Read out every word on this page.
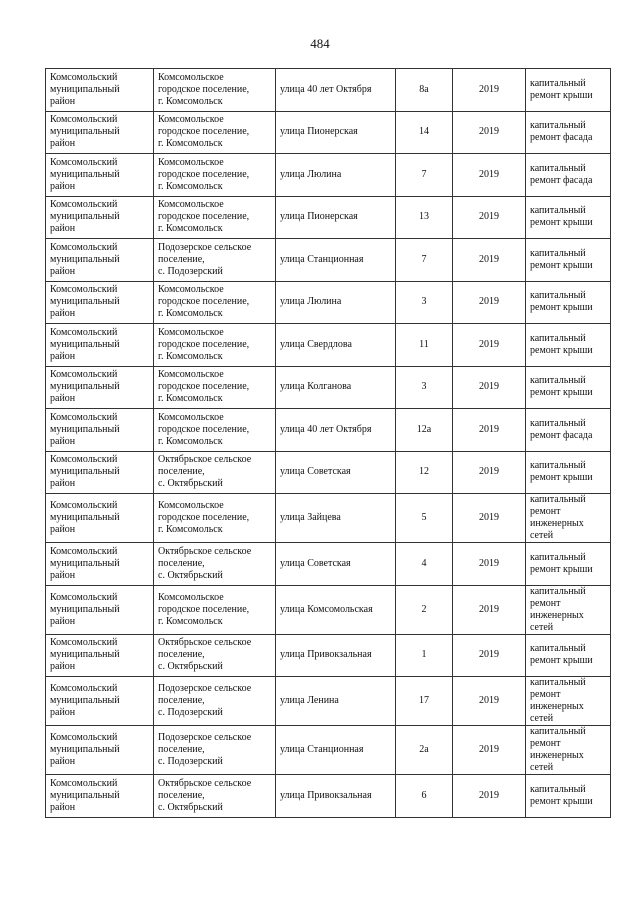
484
Комсомольский
муниципальный
район	Комсомольское
городское поселение,
г. Комсомольск	улица 40 лет Октября	8а	2019	капитальный
ремонт крыши

Комсомольский
муниципальный
район	Комсомольское
городское поселение,
г. Комсомольск	улица Пионерская	14	2019	капитальный
ремонт фасада

Комсомольский
муниципальный
район	Комсомольское
городское поселение,
г. Комсомольск	улица Люлина	7	2019	капитальный
ремонт фасада

Комсомольский
муниципальный
район	Комсомольское
городское поселение,
г. Комсомольск	улица Пионерская	13	2019	капитальный
ремонт крыши

Комсомольский
муниципальный
район	Подозерское сельское
поселение,
с. Подозерский	улица Станционная	7	2019	капитальный
ремонт крыши

Комсомольский
муниципальный
район	Комсомольское
городское поселение,
г. Комсомольск	улица Люлина	3	2019	капитальный
ремонт крыши

Комсомольский
муниципальный
район	Комсомольское
городское поселение,
г. Комсомольск	улица Свердлова	11	2019	капитальный
ремонт крыши

Комсомольский
муниципальный
район	Комсомольское
городское поселение,
г. Комсомольск	улица Колганова	3	2019	капитальный
ремонт крыши

Комсомольский
муниципальный
район	Комсомольское
городское поселение,
г. Комсомольск	улица 40 лет Октября	12а	2019	капитальный
ремонт фасада

Комсомольский
муниципальный
район	Октябрьское сельское
поселение,
с. Октябрьский	улица Советская	12	2019	капитальный
ремонт крыши

Комсомольский
муниципальный
район	Комсомольское
городское поселение,
г. Комсомольск	улица Зайцева	5	2019	капитальный
ремонт
инженерных
сетей

Комсомольский
муниципальный
район	Октябрьское сельское
поселение,
с. Октябрьский	улица Советская	4	2019	капитальный
ремонт крыши

Комсомольский
муниципальный
район	Комсомольское
городское поселение,
г. Комсомольск	улица Комсомольская	2	2019	капитальный
ремонт
инженерных
сетей

Комсомольский
муниципальный
район	Октябрьское сельское
поселение,
с. Октябрьский	улица Привокзальная	1	2019	капитальный
ремонт крыши

Комсомольский
муниципальный
район	Подозерское сельское
поселение,
с. Подозерский	улица Ленина	17	2019	капитальный
ремонт
инженерных
сетей

Комсомольский
муниципальный
район	Подозерское сельское
поселение,
с. Подозерский	улица Станционная	2а	2019	капитальный
ремонт
инженерных
сетей

Комсомольский
муниципальный
район	Октябрьское сельское
поселение,
с. Октябрьский	улица Привокзальная	6	2019	капитальный
ремонт крыши
